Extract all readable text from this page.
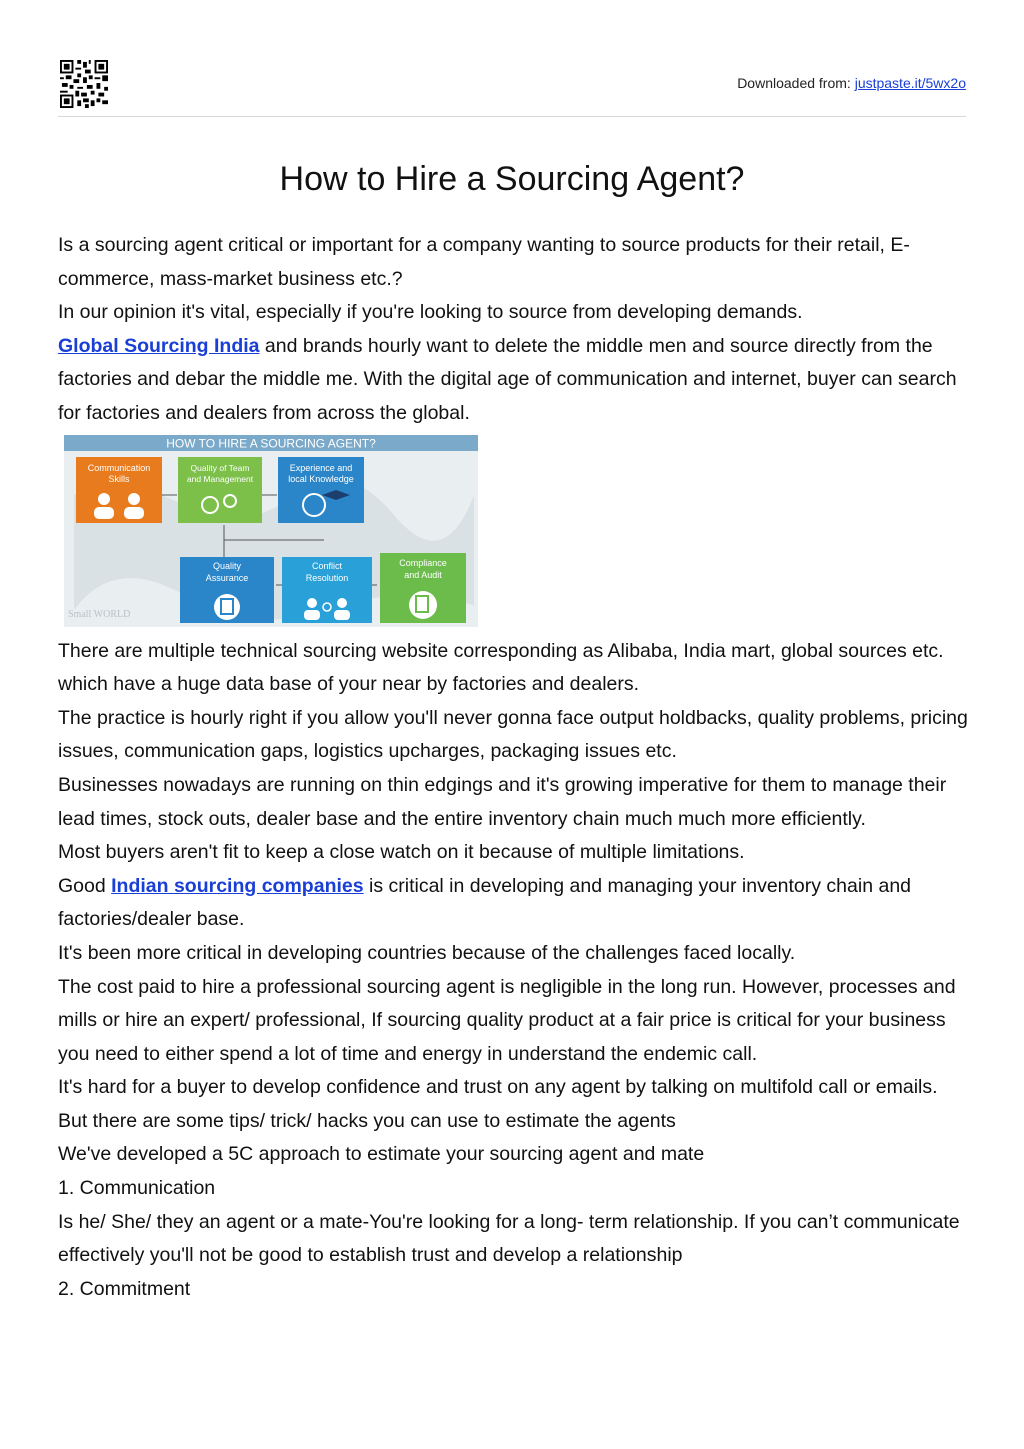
Downloaded from: justpaste.it/5wx2o
How to Hire a Sourcing Agent?

Is a sourcing agent critical or important for a company wanting to source products for their retail, E-commerce, mass-market business etc.?

In our opinion it's vital, especially if you're looking to source from developing demands.

Global Sourcing India and brands hourly want to delete the middle men and source directly from the factories and debar the middle me. With the digital age of communication and internet, buyer can search for factories and dealers from across the global.

HOW TO HIRE A SOURCING AGENT?
Communication
Skills
Quality of Team
and Management
Experience and
local Knowledge
Quality
Assurance
Conflict
Resolution
Compliance
and Audit
Small WORLD

There are multiple technical sourcing website corresponding as Alibaba, India mart, global sources etc. which have a huge data base of your near by factories and dealers.

The practice is hourly right if you allow you'll never gonna face output holdbacks, quality problems, pricing issues, communication gaps, logistics upcharges, packaging issues etc.

Businesses nowadays are running on thin edgings and it's growing imperative for them to manage their lead times, stock outs, dealer base and the entire inventory chain much much more efficiently.

Most buyers aren't fit to keep a close watch on it because of multiple limitations.

Good Indian sourcing companies is critical in developing and managing your inventory chain and factories/dealer base.

It's been more critical in developing countries because of the challenges faced locally.

The cost paid to hire a professional sourcing agent is negligible in the long run. However, processes and mills or hire an expert/ professional, If sourcing quality product at a fair price is critical for your business you need to either spend a lot of time and energy in understand the endemic call.

It's hard for a buyer to develop confidence and trust on any agent by talking on multifold call or emails. But there are some tips/ trick/ hacks you can use to estimate the agents

We've developed a 5C approach to estimate your sourcing agent and mate

1. Communication

Is he/ She/ they an agent or a mate-You're looking for a long- term relationship. If you can’t communicate effectively you'll not be good to establish trust and develop a relationship

2. Commitment
